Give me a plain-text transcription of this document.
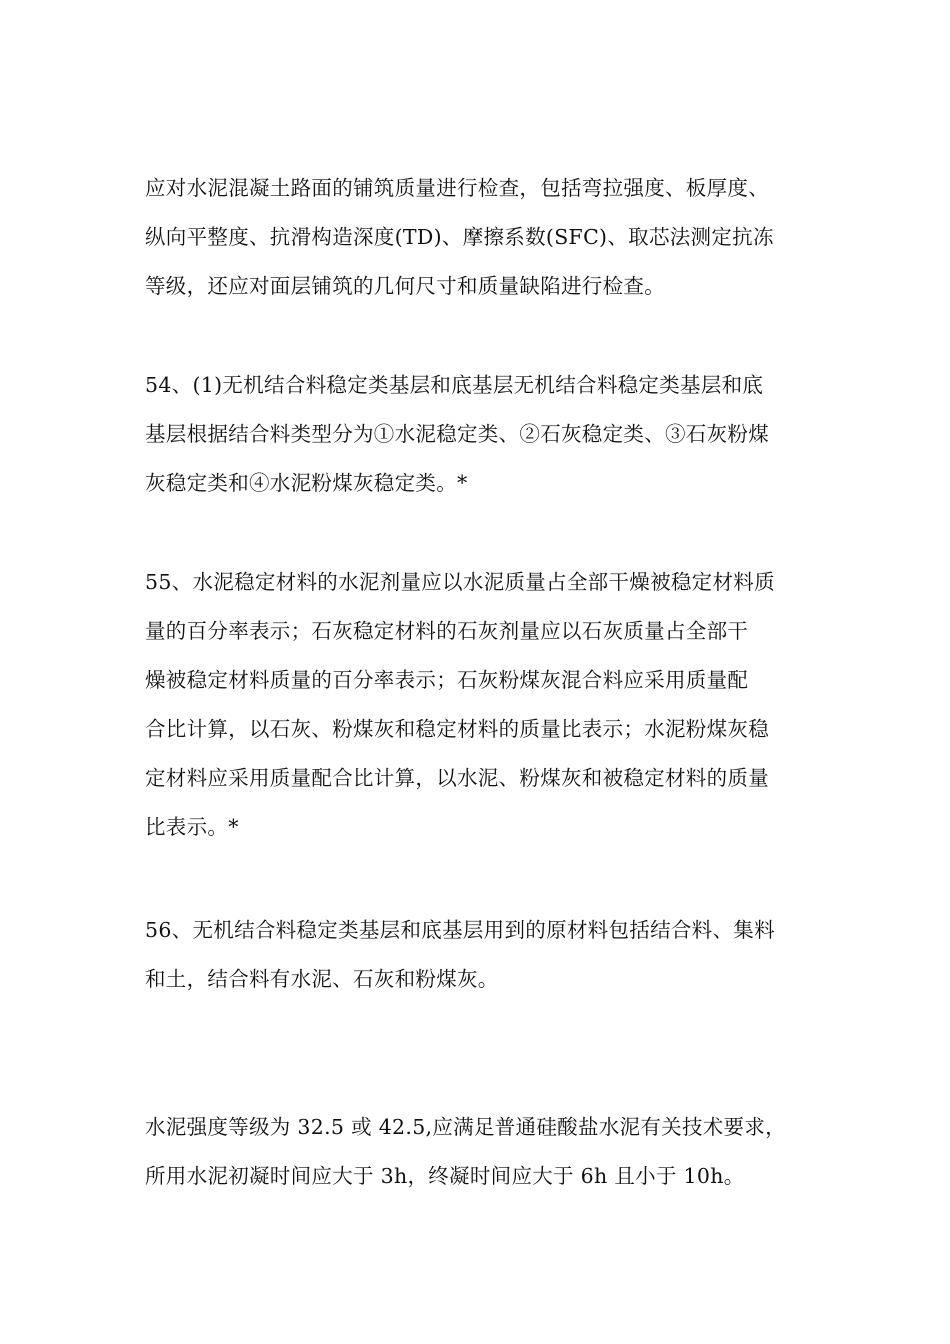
应对水泥混凝土路面的铺筑质量进行检查，包括弯拉强度、板厚度、
纵向平整度、抗滑构造深度(TD)、摩擦系数(SFC)、取芯法测定抗冻
等级，还应对面层铺筑的几何尺寸和质量缺陷进行检查。
54、(1)无机结合料稳定类基层和底基层无机结合料稳定类基层和底
基层根据结合料类型分为①水泥稳定类、②石灰稳定类、③石灰粉煤
灰稳定类和④水泥粉煤灰稳定类。*
55、水泥稳定材料的水泥剂量应以水泥质量占全部干燥被稳定材料质
量的百分率表示；石灰稳定材料的石灰剂量应以石灰质量占全部干
燥被稳定材料质量的百分率表示；石灰粉煤灰混合料应采用质量配
合比计算，以石灰、粉煤灰和稳定材料的质量比表示；水泥粉煤灰稳
定材料应采用质量配合比计算，以水泥、粉煤灰和被稳定材料的质量
比表示。*
56、无机结合料稳定类基层和底基层用到的原材料包括结合料、集料
和土，结合料有水泥、石灰和粉煤灰。
水泥强度等级为 32.5 或 42.5,应满足普通硅酸盐水泥有关技术要求，
所用水泥初凝时间应大于 3h，终凝时间应大于 6h 且小于 10h。
